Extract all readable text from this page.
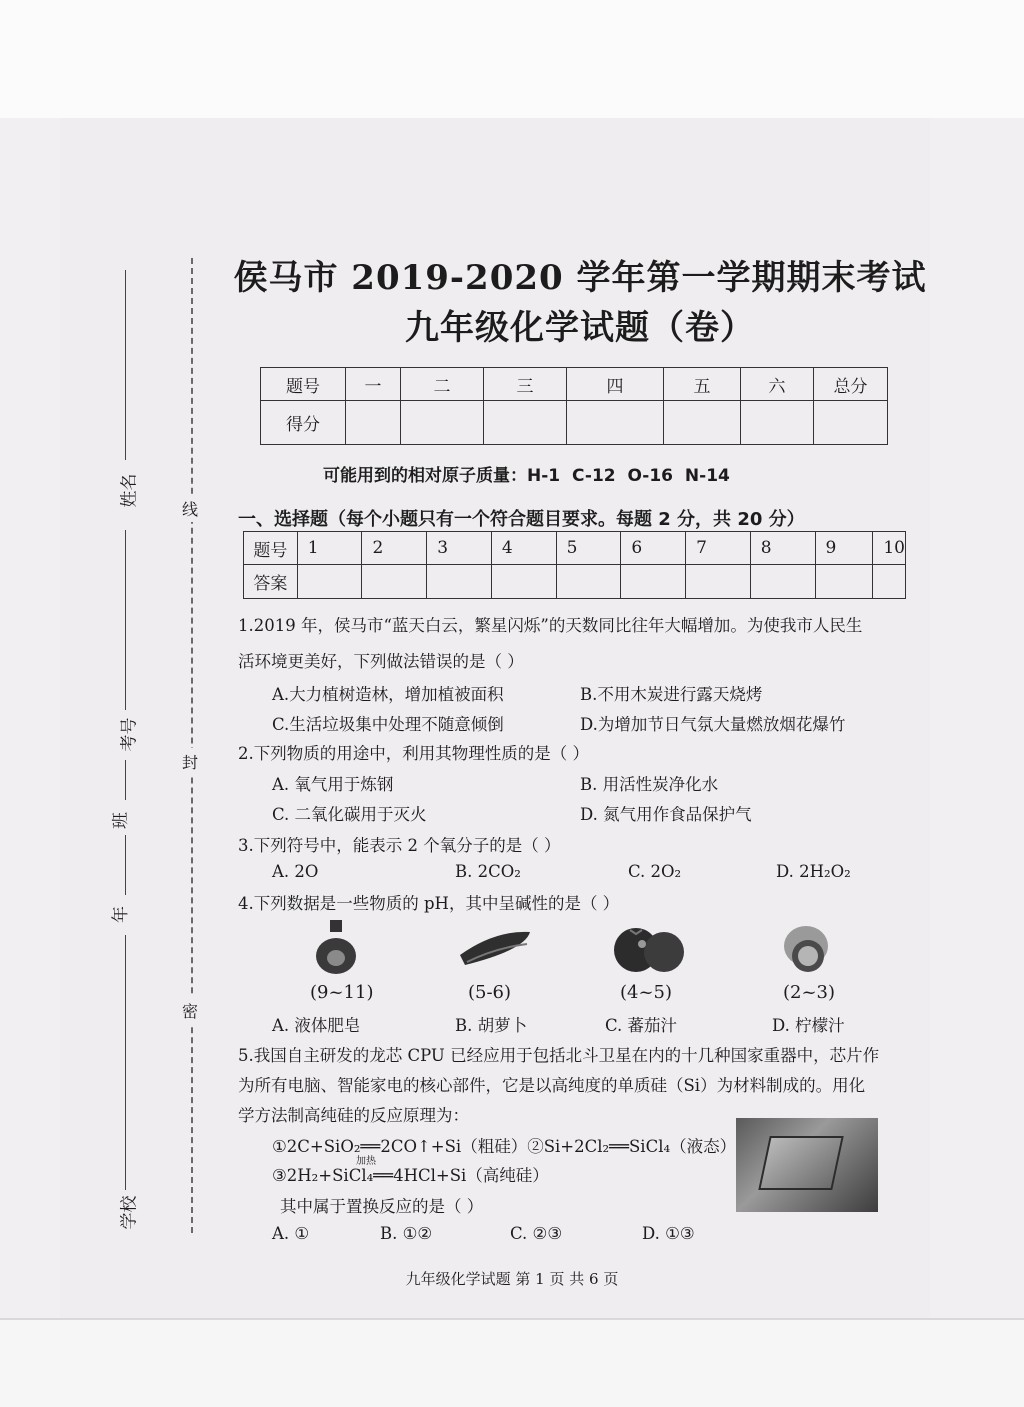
线
封
密
姓名
考号
班
年
学校
侯马市 2019-2020 学年第一学期期末考试
九年级化学试题（卷）
题号	一	二	三	四	五	六	总分
得分							
可能用到的相对原子质量：H-1 C-12 O-16 N-14
一、选择题（每个小题只有一个符合题目要求。每题 2 分，共 20 分）
题号	1	2	3	4	5	6	7	8	9	10
答案										
1.2019 年，侯马市“蓝天白云，繁星闪烁”的天数同比往年大幅增加。为使我市人民生
活环境更美好，下列做法错误的是（ ）
A.大力植树造林，增加植被面积	B.不用木炭进行露天烧烤
C.生活垃圾集中处理不随意倾倒	D.为增加节日气氛大量燃放烟花爆竹
2.下列物质的用途中，利用其物理性质的是（ ）
A. 氧气用于炼钢	B. 用活性炭净化水
C. 二氧化碳用于灭火	D. 氮气用作食品保护气
3.下列符号中，能表示 2 个氧分子的是（ ）
A. 2O	B. 2CO₂	C. 2O₂	D. 2H₂O₂
4.下列数据是一些物质的 pH，其中呈碱性的是（ ）
(9~11)	(5-6)	(4~5)	(2~3)
A. 液体肥皂	B. 胡萝卜	C. 蕃茄汁	D. 柠檬汁
5.我国自主研发的龙芯 CPU 已经应用于包括北斗卫星在内的十几种国家重器中，芯片作
为所有电脑、智能家电的核心部件，它是以高纯度的单质硅（Si）为材料制成的。用化
学方法制高纯硅的反应原理为：
①2C+SiO₂══2CO↑+Si（粗硅）②Si+2Cl₂══SiCl₄（液态）
加热
③2H₂+SiCl₄══4HCl+Si（高纯硅）
其中属于置换反应的是（ ）
A. ①	B. ①②	C. ②③	D. ①③
九年级化学试题 第 1 页 共 6 页
